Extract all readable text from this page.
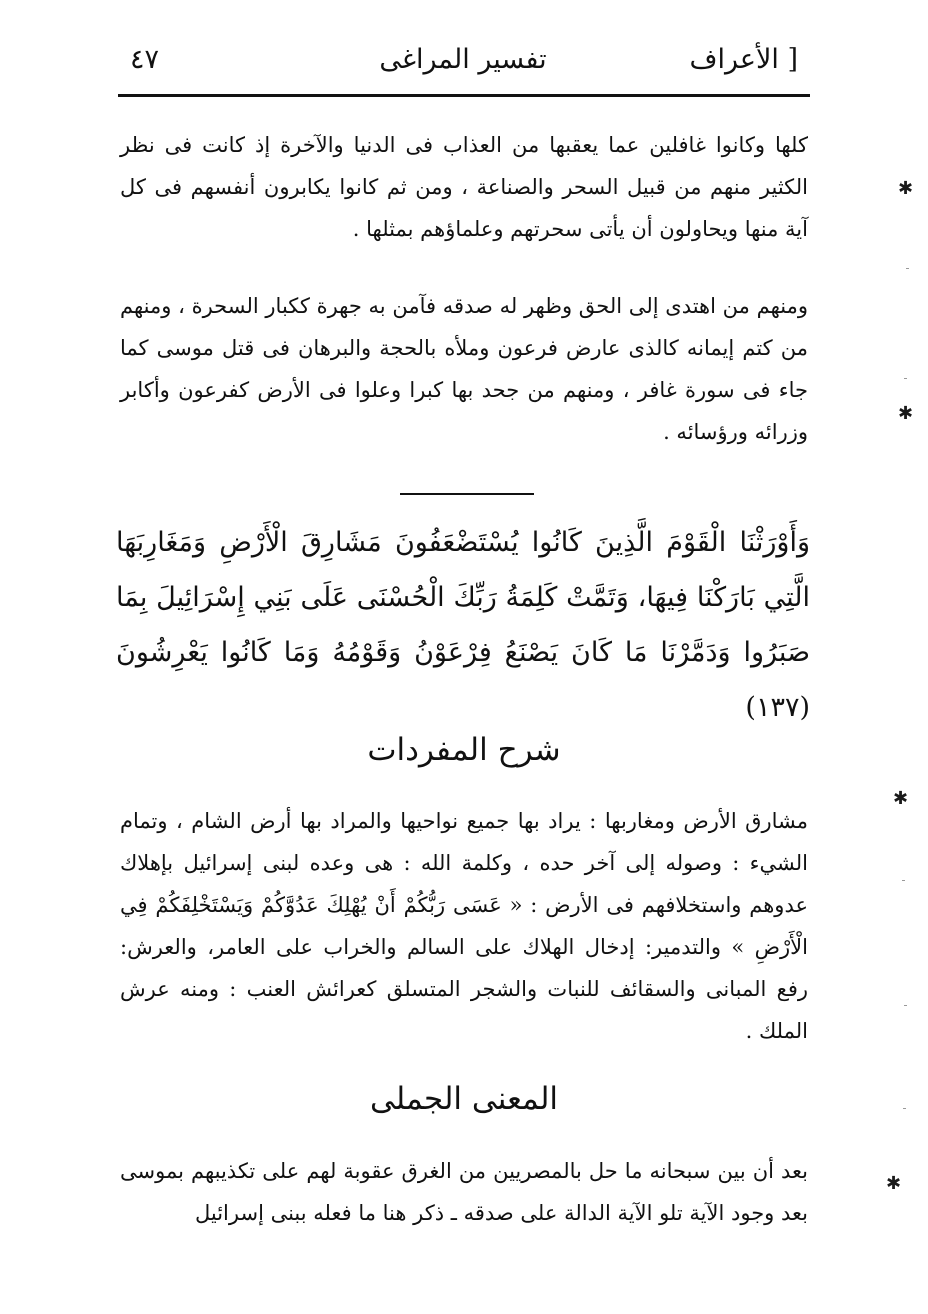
الأعراف ]
تفسير المراغى
٤٧

كلها وكانوا غافلين عما يعقبها من العذاب فى الدنيا والآخرة إذ كانت فى نظر الكثير منهم من قبيل السحر والصناعة ، ومن ثم كانوا يكابرون أنفسهم فى كل آية منها ويحاولون أن يأتى سحرتهم وعلماؤهم بمثلها .

ومنهم من اهتدى إلى الحق وظهر له صدقه فآمن به جهرة ككبار السحرة ، ومنهم من كتم إيمانه كالذى عارض فرعون وملأه بالحجة والبرهان فى قتل موسى كما جاء فى سورة غافر ، ومنهم من جحد بها كبرا وعلوا فى الأرض كفرعون وأكابر وزرائه ورؤسائه .

وَأَوْرَثْنَا الْقَوْمَ الَّذِينَ كَانُوا يُسْتَضْعَفُونَ مَشَارِقَ الْأَرْضِ وَمَغَارِبَهَا الَّتِي بَارَكْنَا فِيهَا، وَتَمَّتْ كَلِمَةُ رَبِّكَ الْحُسْنَى عَلَى بَنِي إِسْرَائِيلَ بِمَا صَبَرُوا وَدَمَّرْنَا مَا كَانَ يَصْنَعُ فِرْعَوْنُ وَقَوْمُهُ وَمَا كَانُوا يَعْرِشُونَ (١٣٧)

شرح المفردات

مشارق الأرض ومغاربها : يراد بها جميع نواحيها والمراد بها أرض الشام ، وتمام الشيء : وصوله إلى آخر حده ، وكلمة الله : هى وعده لبنى إسرائيل بإهلاك عدوهم واستخلافهم فى الأرض : « عَسَى رَبُّكُمْ أَنْ يُهْلِكَ عَدُوَّكُمْ وَيَسْتَخْلِفَكُمْ فِي الْأَرْضِ » والتدمير: إدخال الهلاك على السالم والخراب على العامر، والعرش: رفع المبانى والسقائف للنبات والشجر المتسلق كعرائش العنب : ومنه عرش الملك .

المعنى الجملى

بعد أن بين سبحانه ما حل بالمصريين من الغرق عقوبة لهم على تكذيبهم بموسى بعد وجود الآية تلو الآية الدالة على صدقه ـ ذكر هنا ما فعله ببنى إسرائيل

✱
✱
✱
✱
